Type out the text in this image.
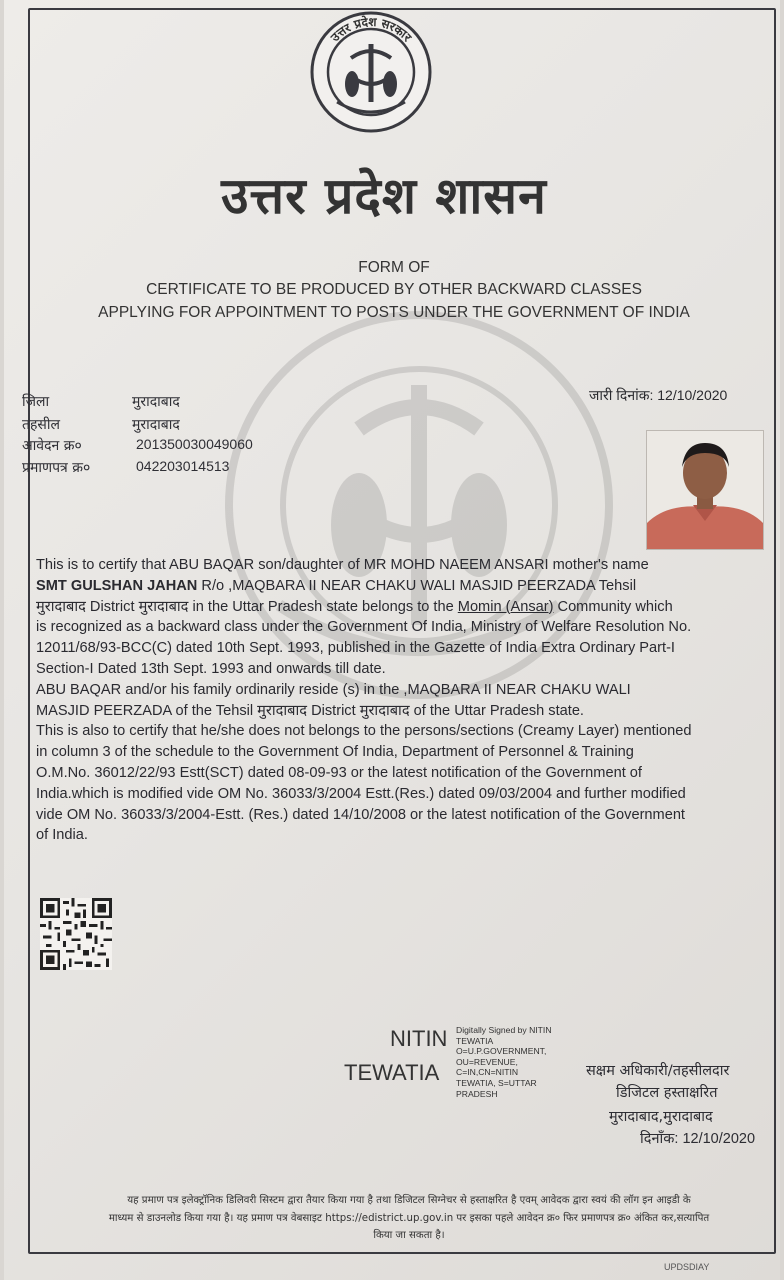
उत्तर प्रदेश सरकार
उत्तर प्रदेश शासन
FORM OF
CERTIFICATE TO BE PRODUCED BY OTHER BACKWARD CLASSES
APPLYING FOR APPOINTMENT TO POSTS UNDER THE GOVERNMENT OF INDIA
जिला	मुरादाबाद
तहसील	मुरादाबाद
आवेदन क्र०	20135003004906​0
प्रमाणपत्र क्र०	042203014513
जारी दिनांक: 12/10/2020

This is to certify that ABU BAQAR son/daughter of MR MOHD NAEEM ANSARI mother's name

SMT GULSHAN JAHAN R/o ,MAQBARA II NEAR CHAKU WALI MASJID PEERZADA Tehsil

मुरादाबाद District मुरादाबाद in the Uttar Pradesh state belongs to the Momin (Ansar) Community which

is recognized as a backward class under the Government Of India, Ministry of Welfare Resolution No.

12011/68/93-BCC(C) dated 10th Sept. 1993, published in the Gazette of India Extra Ordinary Part-I

Section-I Dated 13th Sept. 1993 and onwards till date.

ABU BAQAR and/or his family ordinarily reside (s) in the ,MAQBARA II NEAR CHAKU WALI

MASJID PEERZADA of the Tehsil मुरादाबाद District मुरादाबाद of the Uttar Pradesh state.

This is also to certify that he/she does not belongs to the persons/sections (Creamy Layer) mentioned

in column 3 of the schedule to the Government Of India, Department of Personnel & Training

O.M.No. 36012/22/93 Estt(SCT) dated 08-09-93 or the latest notification of the Government of

India.which is modified vide OM No. 36033/3/2004 Estt.(Res.) dated 09/03/2004 and further modified

vide OM No. 36033/3/2004-Estt. (Res.) dated 14/10/2008 or the latest notification of the Government

of India.

NITIN
TEWATIA
Digitally Signed by NITIN
TEWATIA
O=U.P.GOVERNMENT,
OU=REVENUE,
C=IN,CN=NITIN
TEWATIA, S=UTTAR
PRADESH
सक्षम अधिकारी/तहसीलदार
डिजिटल हस्ताक्षरित
मुरादाबाद,मुरादाबाद
दिनाँक: 12/10/2020
यह प्रमाण पत्र इलेक्ट्रॉनिक डिलिवरी सिस्टम द्वारा तैयार किया गया है तथा डिजिटल सिग्नेचर से हस्ताक्षरित है एवम् आवेदक द्वारा स्वयं की लॉग इन आइडी के
माध्यम से डाउनलोड किया गया है। यह प्रमाण पत्र वेबसाइट https://edistrict.up.gov.in पर इसका पहले आवेदन क्र० फिर प्रमाणपत्र क्र० अंकित कर,सत्यापित
किया जा सकता है।
UPDSDIAY
